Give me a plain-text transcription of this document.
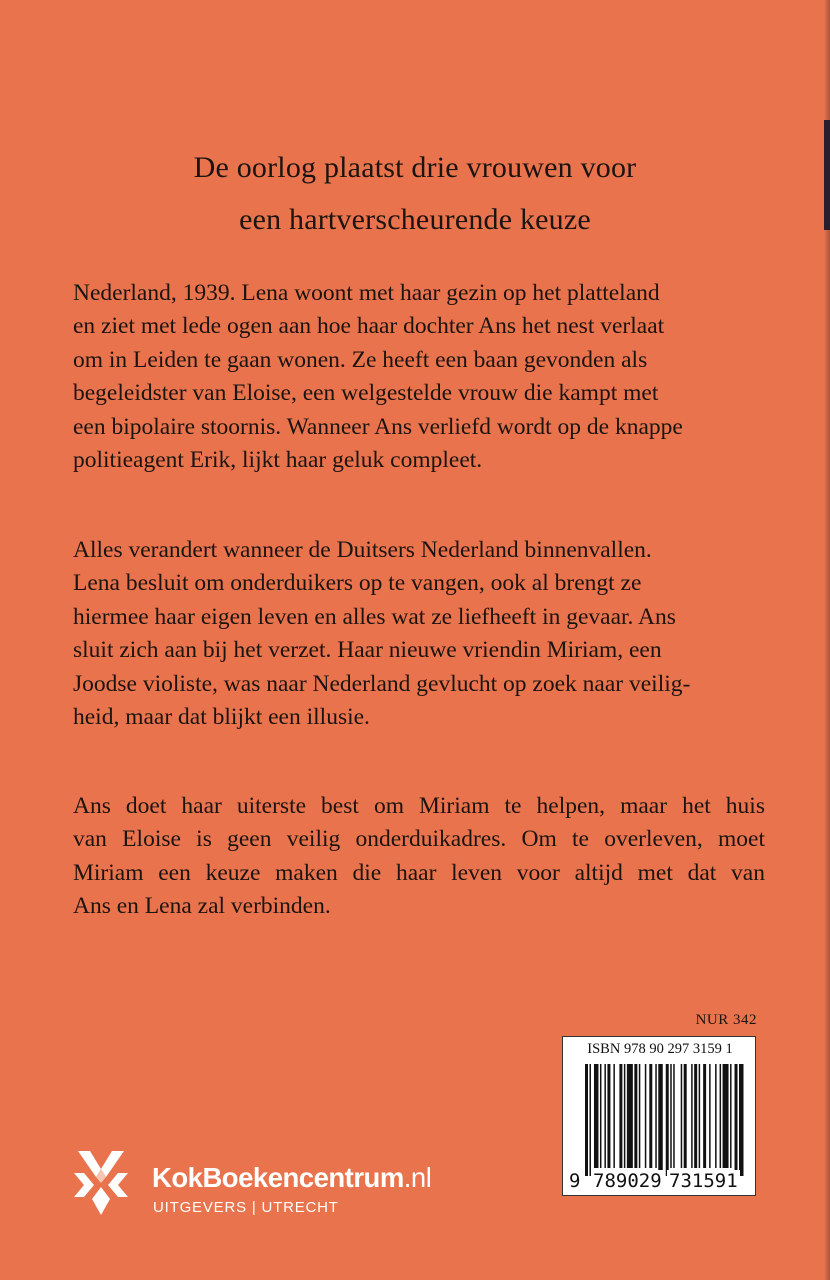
De oorlog plaatst drie vrouwen voor
een hartverscheurende keuze

Nederland, 1939. Lena woont met haar gezin op het platteland
en ziet met lede ogen aan hoe haar dochter Ans het nest verlaat
om in Leiden te gaan wonen. Ze heeft een baan gevonden als
begeleidster van Eloise, een welgestelde vrouw die kampt met
een bipolaire stoornis. Wanneer Ans verliefd wordt op de knappe
politieagent Erik, lijkt haar geluk compleet.

Alles verandert wanneer de Duitsers Nederland binnenvallen.
Lena besluit om onderduikers op te vangen, ook al brengt ze
hiermee haar eigen leven en alles wat ze liefheeft in gevaar. Ans
sluit zich aan bij het verzet. Haar nieuwe vriendin Miriam, een
Joodse violiste, was naar Nederland gevlucht op zoek naar veilig-
heid, maar dat blijkt een illusie.

Ans doet haar uiterste best om Miriam te helpen, maar het huis
van Eloise is geen veilig onderduikadres. Om te overleven, moet
Miriam een keuze maken die haar leven voor altijd met dat van
Ans en Lena zal verbinden.

NUR 342
ISBN 978 90 297 3159 1
9 789029 731591
KokBoekencentrum.nl
UITGEVERS | UTRECHT
